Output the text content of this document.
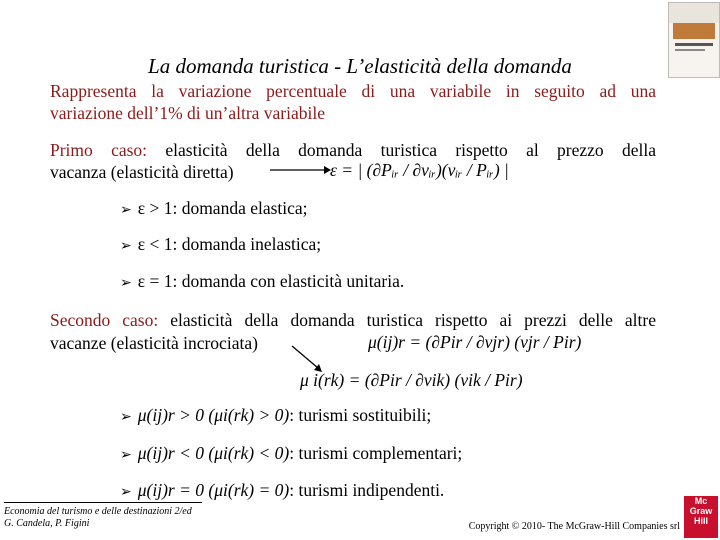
La domanda turistica - L’elasticità della domanda
Rappresenta la variazione percentuale di una variabile in seguito ad una
variazione dell’1% di un’altra variabile
Primo caso: elasticità della domanda turistica rispetto al prezzo della
vacanza (elasticità diretta)	ε = | (∂Pᵢᵣ / ∂vᵢᵣ)(vᵢᵣ / Pᵢᵣ) |
➢ ε > 1: domanda elastica;
➢ ε < 1: domanda inelastica;
➢ ε = 1: domanda con elasticità unitaria.
Secondo caso: elasticità della domanda turistica rispetto ai prezzi delle altre
vacanze (elasticità incrociata)	μ(ij)r = (∂Pir / ∂vjr) (vjr / Pir)
μ i(rk) = (∂Pir / ∂vik) (vik / Pir)
➢ μ(ij)r > 0 (μi(rk) > 0): turismi sostituibili;
➢ μ(ij)r < 0 (μi(rk) < 0): turismi complementari;
➢ μ(ij)r = 0 (μi(rk) = 0): turismi indipendenti.
Economia del turismo e delle destinazioni 2/ed
G. Candela, P. Figini	Copyright © 2010- The McGraw-Hill Companies srl
Mc Graw Hill
